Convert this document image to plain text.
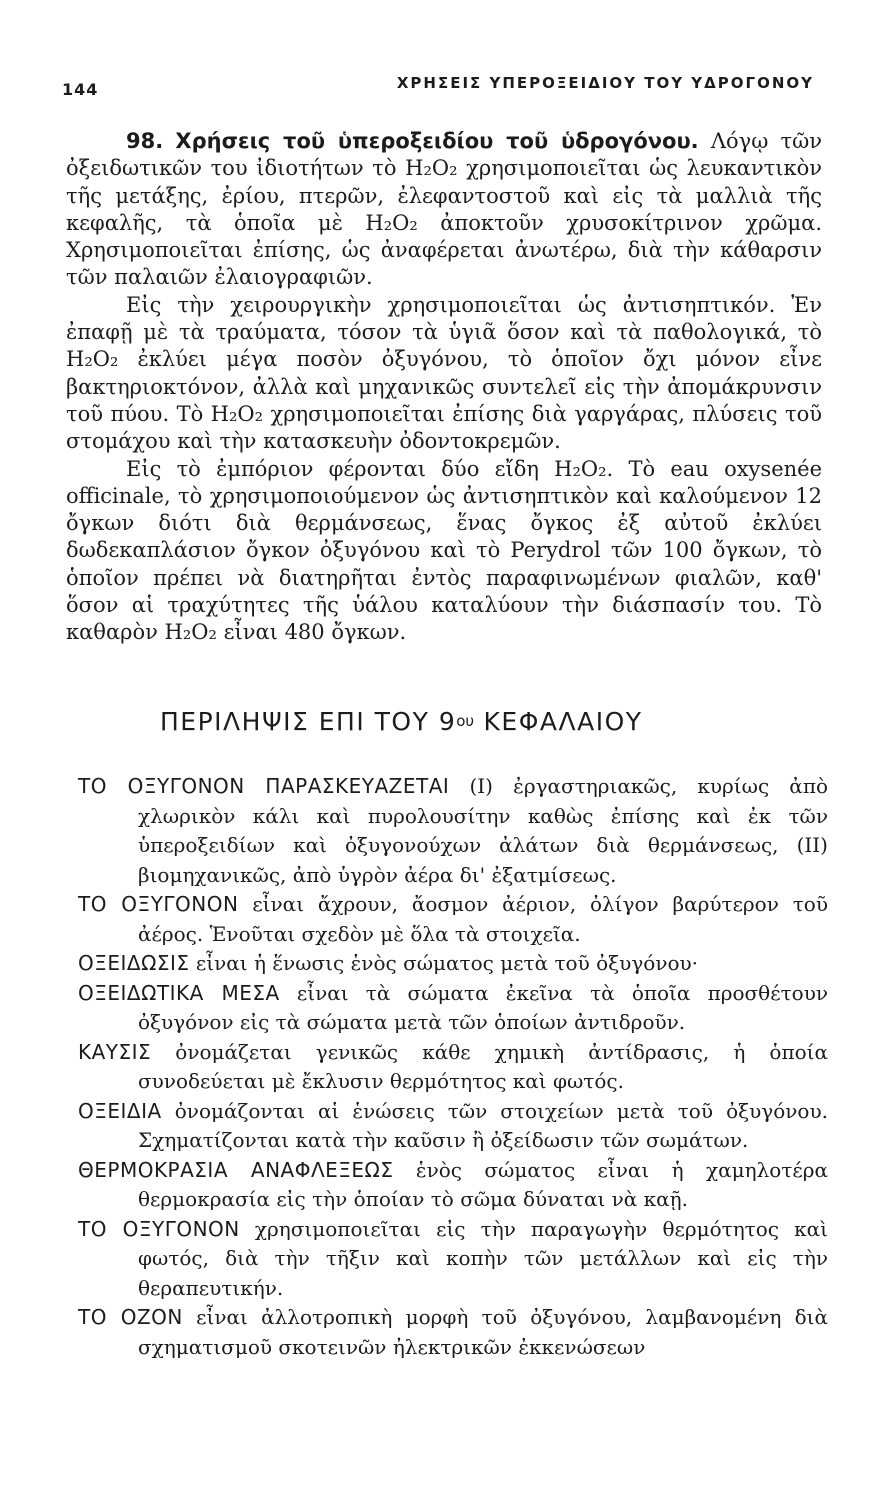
144	ΧΡΗΣΕΙΣ ΥΠΕΡΟΞΕΙΔΙΟΥ ΤΟΥ ΥΔΡΟΓΟΝΟΥ

98. Χρήσεις τοῦ ὑπεροξειδίου τοῦ ὑδρογόνου. Λόγῳ τῶν ὀξειδωτικῶν του ἰδιοτήτων τὸ H₂O₂ χρησιμοποιεῖται ὡς λευκαντικὸν τῆς μετάξης, ἐρίου, πτερῶν, ἐλεφαντοστοῦ καὶ εἰς τὰ μαλλιὰ τῆς κεφαλῆς, τὰ ὁποῖα μὲ H₂O₂ ἀποκτοῦν χρυσοκίτρινον χρῶμα. Χρησιμοποιεῖται ἐπίσης, ὡς ἀναφέρεται ἀνωτέρω, διὰ τὴν κάθαρσιν τῶν παλαιῶν ἐλαιογραφιῶν.

Εἰς τὴν χειρουργικὴν χρησιμοποιεῖται ὡς ἀντισηπτικόν. Ἐν ἐπαφῇ μὲ τὰ τραύματα, τόσον τὰ ὑγιᾶ ὅσον καὶ τὰ παθολογικά, τὸ H₂O₂ ἐκλύει μέγα ποσὸν ὀξυγόνου, τὸ ὁποῖον ὄχι μόνον εἶνε βακτηριοκτόνον, ἀλλὰ καὶ μηχανικῶς συντελεῖ εἰς τὴν ἀπομάκρυνσιν τοῦ πύου. Τὸ H₂O₂ χρησιμοποιεῖται ἐπίσης διὰ γαργάρας, πλύσεις τοῦ στομάχου καὶ τὴν κατασκευὴν ὀδοντοκρεμῶν.

Εἰς τὸ ἐμπόριον φέρονται δύο εἴδη H₂O₂. Τὸ eau oxysenée officinale, τὸ χρησιμοποιούμενον ὡς ἀντισηπτικὸν καὶ καλούμενον 12 ὄγκων διότι διὰ θερμάνσεως, ἕνας ὄγκος ἐξ αὐτοῦ ἐκλύει δωδεκαπλάσιον ὄγκον ὀξυγόνου καὶ τὸ Perydrol τῶν 100 ὄγκων, τὸ ὁποῖον πρέπει νὰ διατηρῆται ἐντὸς παραφινωμένων φιαλῶν, καθ' ὅσον αἱ τραχύτητες τῆς ὑάλου καταλύουν τὴν διάσπασίν του. Τὸ καθαρὸν H₂O₂ εἶναι 480 ὄγκων.

ΠΕΡΙΛΗΨΙΣ ΕΠΙ ΤΟΥ $9^{o\upsilon}$ ΚΕΦΑΛΑΙΟΥ

ΤΟ ΟΞΥΓΟΝΟΝ ΠΑΡΑΣΚΕΥΑΖΕΤΑΙ (Ι) ἐργαστηριακῶς, κυρίως ἀπὸ χλωρικὸν κάλι καὶ πυρολουσίτην καθὼς ἐπίσης καὶ ἐκ τῶν ὑπεροξειδίων καὶ ὀξυγονούχων ἀλάτων διὰ θερμάνσεως, (ΙΙ) βιομηχανικῶς, ἀπὸ ὑγρὸν ἀέρα δι' ἐξατμίσεως.

ΤΟ ΟΞΥΓΟΝΟΝ εἶναι ἄχρουν, ἄοσμον ἀέριον, ὀλίγον βαρύτερον τοῦ ἀέρος. Ἑνοῦται σχεδὸν μὲ ὅλα τὰ στοιχεῖα.

ΟΞΕΙΔΩΣΙΣ εἶναι ἡ ἕνωσις ἑνὸς σώματος μετὰ τοῦ ὀξυγόνου·

ΟΞΕΙΔΩΤΙΚΑ ΜΕΣΑ εἶναι τὰ σώματα ἐκεῖνα τὰ ὁποῖα προσθέτουν ὀξυγόνον εἰς τὰ σώματα μετὰ τῶν ὁποίων ἀντιδροῦν.

ΚΑΥΣΙΣ ὀνομάζεται γενικῶς κάθε χημικὴ ἀντίδρασις, ἡ ὁποία συνοδεύεται μὲ ἔκλυσιν θερμότητος καὶ φωτός.

ΟΞΕΙΔΙΑ ὀνομάζονται αἱ ἑνώσεις τῶν στοιχείων μετὰ τοῦ ὀξυγόνου. Σχηματίζονται κατὰ τὴν καῦσιν ἢ ὀξείδωσιν τῶν σωμάτων.

ΘΕΡΜΟΚΡΑΣΙΑ ΑΝΑΦΛΕΞΕΩΣ ἑνὸς σώματος εἶναι ἡ χαμηλοτέρα θερμοκρασία εἰς τὴν ὁποίαν τὸ σῶμα δύναται νὰ καῇ.

ΤΟ ΟΞΥΓΟΝΟΝ χρησιμοποιεῖται εἰς τὴν παραγωγὴν θερμότητος καὶ φωτός, διὰ τὴν τῆξιν καὶ κοπὴν τῶν μετάλλων καὶ εἰς τὴν θεραπευτικήν.

ΤΟ ΟΖΟΝ εἶναι ἀλλοτροπικὴ μορφὴ τοῦ ὀξυγόνου, λαμβανομένη διὰ σχηματισμοῦ σκοτεινῶν ἠλεκτρικῶν ἐκκενώσεων
